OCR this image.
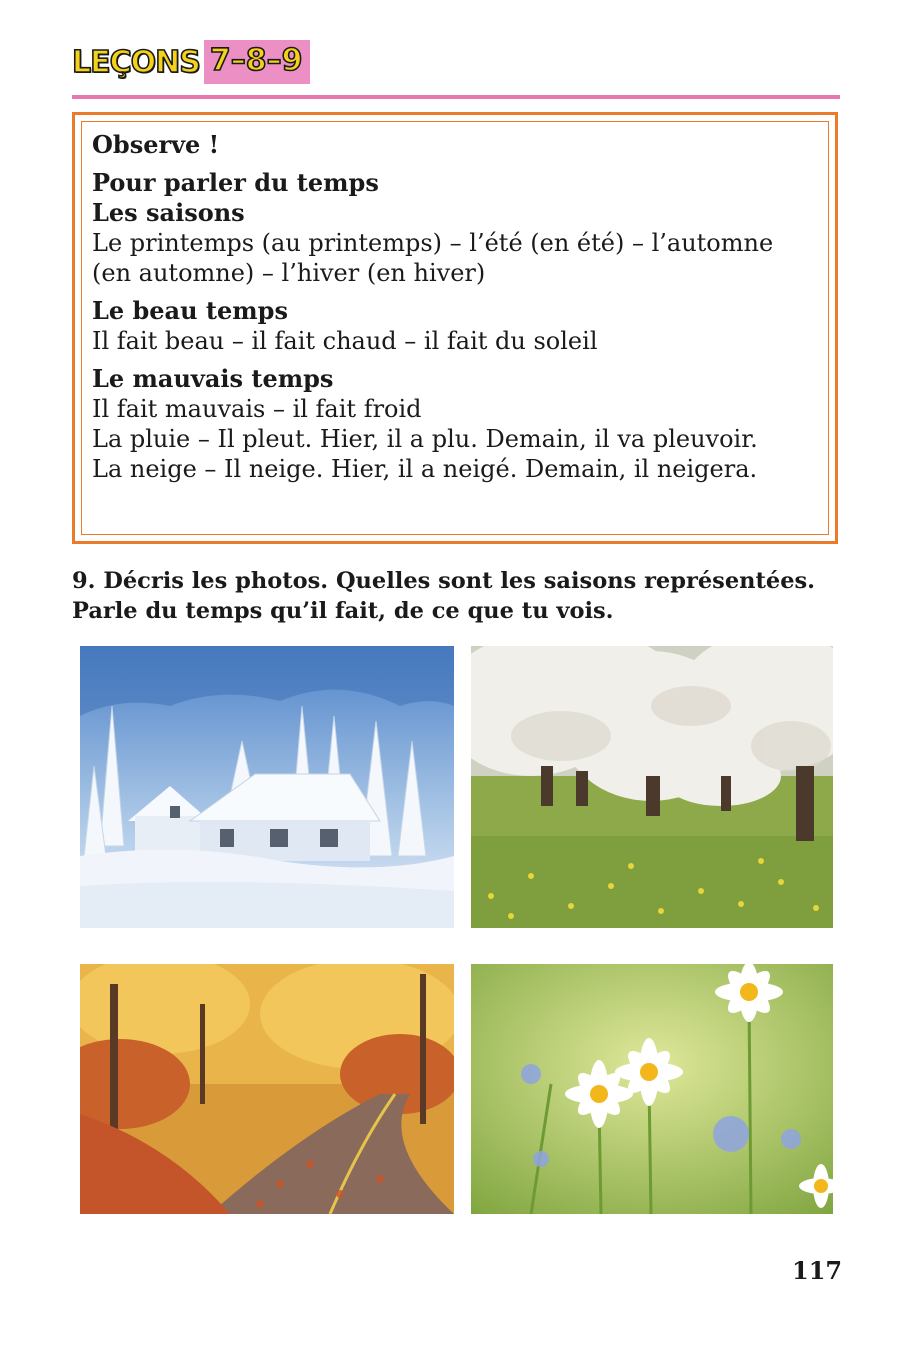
LEÇONS 7–8–9
Observe !
Pour parler du temps
Les saisons
Le printemps (au printemps) – l’été (en été) – l’automne
(en automne) – l’hiver (en hiver)
Le beau temps
Il fait beau – il fait chaud – il fait du soleil
Le mauvais temps
Il fait mauvais – il fait froid
La pluie – Il pleut. Hier, il a plu. Demain, il va pleuvoir.
La neige – Il neige. Hier, il a neigé. Demain, il neigera.
9. Décris les photos. Quelles sont les saisons représentées.
Parle du temps qu’il fait, de ce que tu vois.
117
